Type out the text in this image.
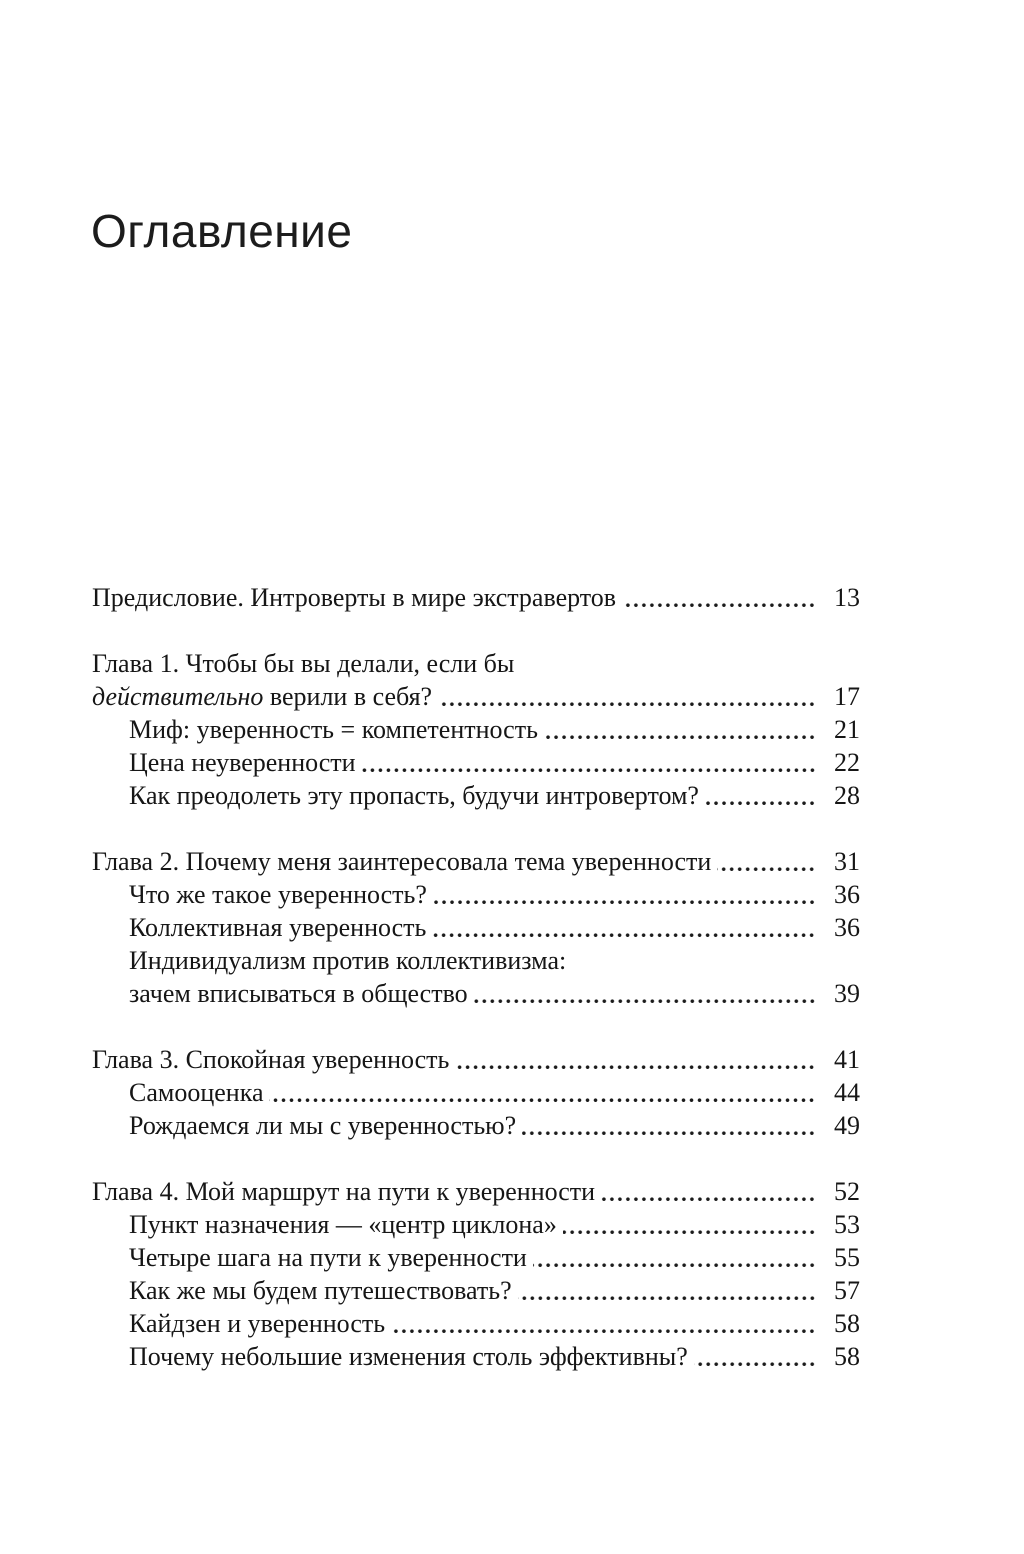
Оглавление
Предисловие. Интроверты в мире экстравертов	13
Глава 1. Чтобы бы вы делали, если бы
действительно верили в себя?	17
Миф: уверенность = компетентность	21
Цена неуверенности	22
Как преодолеть эту пропасть, будучи интровертом?	28
Глава 2. Почему меня заинтересовала тема уверенности	31
Что же такое уверенность?	36
Коллективная уверенность	36
Индивидуализм против коллективизма:
зачем вписываться в общество	39
Глава 3. Спокойная уверенность	41
Самооценка	44
Рождаемся ли мы с уверенностью?	49
Глава 4. Мой маршрут на пути к уверенности	52
Пункт назначения — «центр циклона»	53
Четыре шага на пути к уверенности	55
Как же мы будем путешествовать?	57
Кайдзен и уверенность	58
Почему небольшие изменения столь эффективны?	58
